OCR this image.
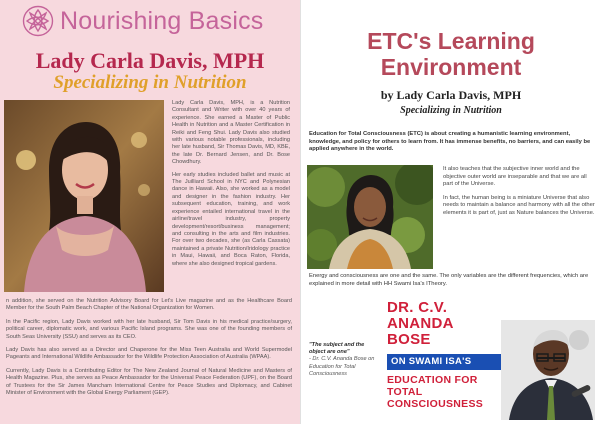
Nourishing Basics
Lady Carla Davis, MPH
Specializing in Nutrition

Lady Carla Davis, MPH, is a Nutrition Consultant and Writer with over 40 years of experience. She earned a Master of Public Health in Nutrition and a Master Certification in Reiki and Feng Shui. Lady Davis also studied with various notable professionals, including her late husband, Sir Thomas Davis, MD, KBE, the late Dr. Bernard Jensen, and Dr. Bose Chowdhury.

Her early studies included ballet and music at The Juilliard School in NYC and Polynesian dance in Hawaii. Also, she worked as a model and designer in the fashion industry. Her subsequent education, training, and work experience entailed international travel in the airline/travel industry, property development/resort/business management; and consulting in the arts and film industries. For over two decades, she (as Carla Cassata) maintained a private Nutrition/Iridology practice in Maui, Hawaii, and Boca Raton, Florida, where she also designed tropical gardens.

n addition, she served on the Nutrition Advisory Board for Let's Live magazine and as the Healthcare Board Member for the South Palm Beach Chapter of the National Organization for Women.

In the Pacific region, Lady Davis worked with her late husband, Sir Tom Davis in his medical practice/surgery, political career, diplomatic work, and various Pacific Island programs. She was one of the founding members of South Seas University (SSU) and serves as its CEO.

Lady Davis has also served as a Director and Chaperone for the Miss Teen Australia and World Supermodel Pageants and International Wildlife Ambassador for the Wildlife Protection Association of Australia (WPAA).

Currently, Lady Davis is a Contributing Editor for The New Zealand Journal of Natural Medicine and Masters of Health Magazine. Plus, she serves as Peace Ambassador for the Universal Peace Federation (UPF), on the Board of Trustees for the Sir James Mancham International Centre for Peace Studies and Diplomacy, and Cabinet Minister of Environment with the Global Energy Parliament (GEP).

ETC's Learning
Environment
by Lady Carla Davis, MPH
Specializing in Nutrition
Education for Total Consciousness (ETC) is about creating a humanistic learning environment, knowledge, and policy for others to learn from. It has immense benefits, no barriers, and can easily be applied anywhere in the world.

It also teaches that the subjective inner world and the objective outer world are inseparable and that we are all part of the Universe.

In fact, the human being is a miniature Universe that also needs to maintain a balance and harmony with all the other elements it is part of, just as Nature balances the Universe.

Energy and consciousness are one and the same. The only variables are the different frequencies, which are explained in more detail with HH Swami Isa's ITheory.
"The subject and the object are one"
- Dr. C.V. Ananda Bose on Education for Total Consciousness
DR. C.V.
ANANDA
BOSE
ON SWAMI ISA'S
EDUCATION FOR
TOTAL
CONSCIOUSNESS
